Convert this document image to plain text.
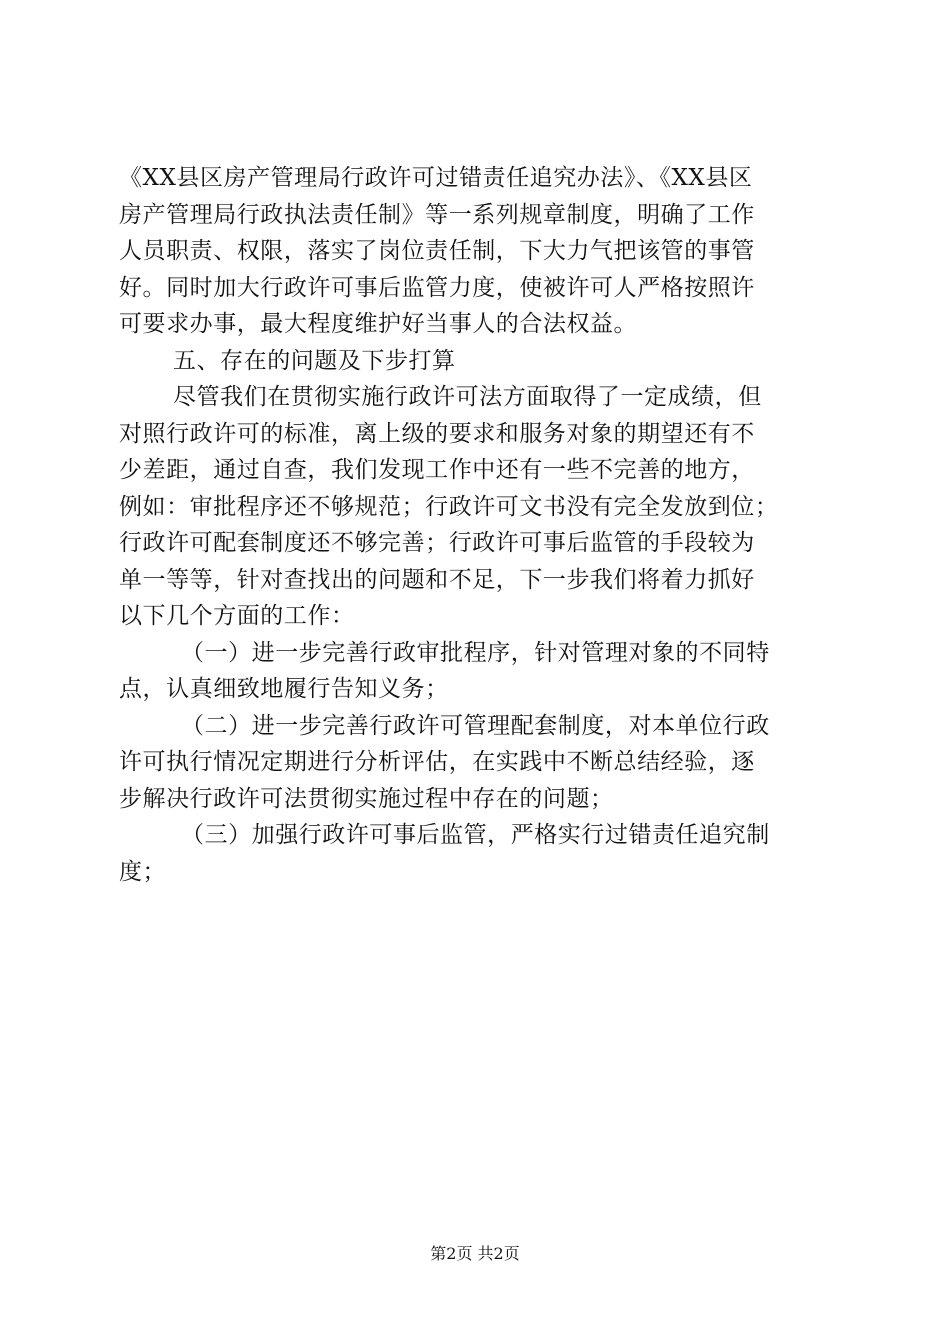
《XX县区房产管理局行政许可过错责任追究办法》、《XX县区
房产管理局行政执法责任制》等一系列规章制度，明确了工作
人员职责、权限，落实了岗位责任制，下大力气把该管的事管
好。同时加大行政许可事后监管力度，使被许可人严格按照许
可要求办事，最大程度维护好当事人的合法权益。
五、存在的问题及下步打算
尽管我们在贯彻实施行政许可法方面取得了一定成绩，但
对照行政许可的标准，离上级的要求和服务对象的期望还有不
少差距，通过自查，我们发现工作中还有一些不完善的地方，
例如：审批程序还不够规范；行政许可文书没有完全发放到位；
行政许可配套制度还不够完善；行政许可事后监管的手段较为
单一等等，针对查找出的问题和不足，下一步我们将着力抓好
以下几个方面的工作：
（一）进一步完善行政审批程序，针对管理对象的不同特
点，认真细致地履行告知义务；
（二）进一步完善行政许可管理配套制度，对本单位行政
许可执行情况定期进行分析评估，在实践中不断总结经验，逐
步解决行政许可法贯彻实施过程中存在的问题；
（三）加强行政许可事后监管，严格实行过错责任追究制
度；
第2页 共2页
